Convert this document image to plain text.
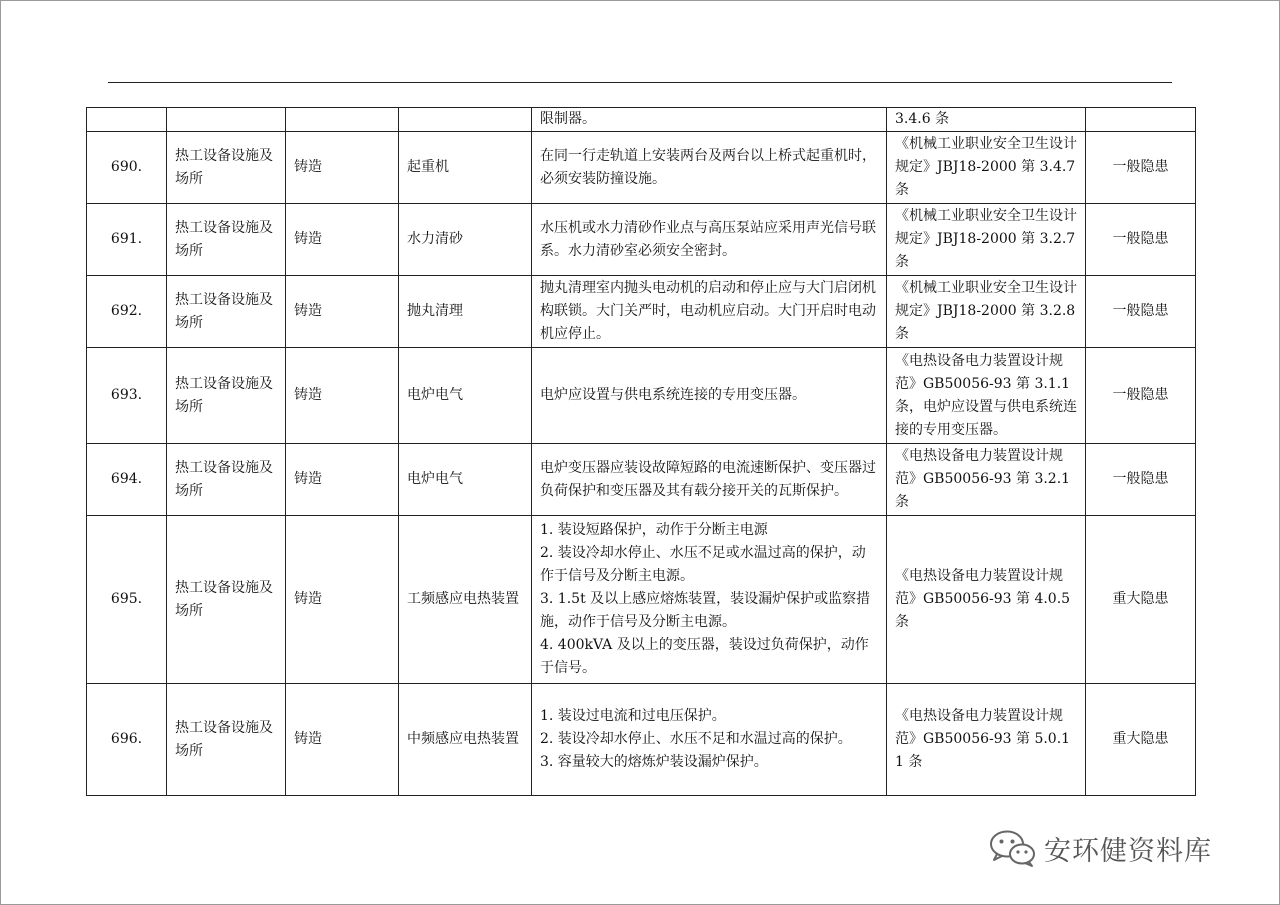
				限制器。	3.4.6 条	
690.	热工设备设施及场所	铸造	起重机	在同一行走轨道上安装两台及两台以上桥式起重机时，必须安装防撞设施。	《机械工业职业安全卫生设计规定》JBJ18-2000 第 3.4.7 条	一般隐患
691.	热工设备设施及场所	铸造	水力清砂	水压机或水力清砂作业点与高压泵站应采用声光信号联系。水力清砂室必须安全密封。	《机械工业职业安全卫生设计规定》JBJ18-2000 第 3.2.7 条	一般隐患
692.	热工设备设施及场所	铸造	抛丸清理	抛丸清理室内抛头电动机的启动和停止应与大门启闭机构联锁。大门关严时，电动机应启动。大门开启时电动机应停止。	《机械工业职业安全卫生设计规定》JBJ18-2000 第 3.2.8 条	一般隐患
693.	热工设备设施及场所	铸造	电炉电气	电炉应设置与供电系统连接的专用变压器。	《电热设备电力装置设计规范》GB50056-93 第 3.1.1 条，电炉应设置与供电系统连接的专用变压器。	一般隐患
694.	热工设备设施及场所	铸造	电炉电气	电炉变压器应装设故障短路的电流速断保护、变压器过负荷保护和变压器及其有载分接开关的瓦斯保护。	《电热设备电力装置设计规范》GB50056-93 第 3.2.1 条	一般隐患
695.	热工设备设施及场所	铸造	工频感应电热装置	1. 装设短路保护，动作于分断主电源
2. 装设冷却水停止、水压不足或水温过高的保护，动作于信号及分断主电源。
3. 1.5t 及以上感应熔炼装置，装设漏炉保护或监察措施，动作于信号及分断主电源。
4. 400kVA 及以上的变压器，装设过负荷保护，动作于信号。	《电热设备电力装置设计规范》GB50056-93 第 4.0.5 条	重大隐患
696.	热工设备设施及场所	铸造	中频感应电热装置	1. 装设过电流和过电压保护。
2. 装设冷却水停止、水压不足和水温过高的保护。
3. 容量较大的熔炼炉装设漏炉保护。	《电热设备电力装置设计规范》GB50056-93 第 5.0.11 条	重大隐患
安环健资料库
